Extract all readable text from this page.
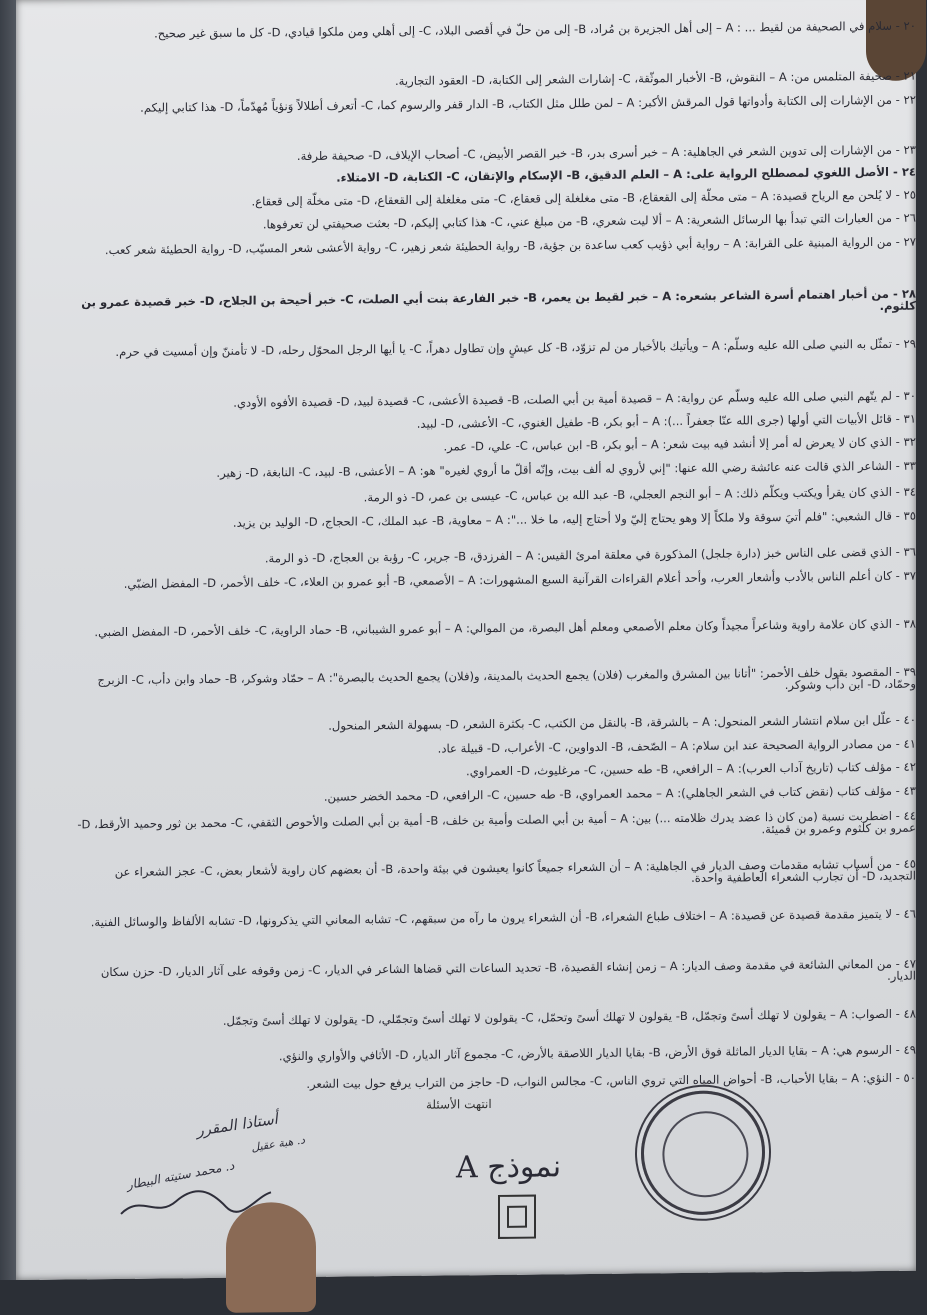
٢٠ - سلام في الصحيفة من لقيط ... : A – إلى أهل الجزيرة بن مُراد، B- إلى من حلّ في أقصى البلاد، C- إلى أهلي ومن ملكوا قيادي، D- كل ما سبق غير صحيح.
٢١ - صحيفة المتلمس من: A – النقوش، B- الأخبار الموثّقة، C- إشارات الشعر إلى الكتابة، D- العقود التجارية.
٢٢ - من الإشارات إلى الكتابة وأدواتها قول المرقش الأكبر: A – لمن طلل مثل الكتاب، B- الدار قفر والرسوم كما، C- أتعرف أطلالاً وَنؤياً مُهدّماً، D- هذا كتابي إليكم.
٢٣ - من الإشارات إلى تدوين الشعر في الجاهلية: A – خبر أسرى بدر، B- خبر القصر الأبيض، C- أصحاب الإيلاف، D- صحيفة طرفة.
٢٤ - الأصل اللغوي لمصطلح الرواية على: A – العلم الدقيق، B- الإسكام والإتقان، C- الكتابة، D- الامتلاء.
٢٥ - لا يُلحن مع الرياح قصيدة: A – متى محلّة إلى القعقاع، B- متى مغلغلة إلى قعقاع، C- متى مغلغلة إلى القعقاع، D- متى مخلّة إلى قعقاع.
٢٦ - من العبارات التي تبدأ بها الرسائل الشعرية: A – ألا ليت شعري، B- من مبلغ عني، C- هذا كتابي إليكم، D- بعثت صحيفتي لن تعرفوها.
٢٧ - من الرواية المبنية على القرابة: A – رواية أبي ذؤيب كعب ساعدة بن جؤية، B- رواية الحطيئة شعر زهير، C- رواية الأعشى شعر المسيّب، D- رواية الحطيئة شعر كعب.
٢٨ - من أخبار اهتمام أسرة الشاعر بشعره: A – خبر لقيط بن يعمر، B- خبر الفارعة بنت أبي الصلت، C- خبر أحيحة بن الجلاح، D- خبر قصيدة عمرو بن كلثوم.
٢٩ - تمثّل به النبي صلى الله عليه وسلّم: A – ويأتيك بالأخبار من لم تزوّد، B- كل عيشٍ وإن تطاول دهراً، C- يا أيها الرجل المحوّل رحله، D- لا تأمننّ وإن أمسيت في حرم.
٣٠ - لم يتّهم النبي صلى الله عليه وسلّم عن رواية: A – قصيدة أمية بن أبي الصلت، B- قصيدة الأعشى، C- قصيدة لبيد، D- قصيدة الأفوه الأودي.
٣١ - قائل الأبيات التي أولها (جرى الله عنّا جعفراً ...): A – أبو بكر، B- طفيل الغنوي، C- الأعشى، D- لبيد.
٣٢ - الذي كان لا يعرض له أمر إلا أنشد فيه بيت شعر: A – أبو بكر، B- ابن عباس، C- علي، D- عمر.
٣٣ - الشاعر الذي قالت عنه عائشة رضي الله عنها: "إني لأروي له ألف بيت، وإنّه أقلّ ما أروي لغيره" هو: A – الأعشى، B- لبيد، C- النابغة، D- زهير.
٣٤ - الذي كان يقرأ ويكتب ويكلّم ذلك: A – أبو النجم العجلي، B- عبد الله بن عباس، C- عيسى بن عمر، D- ذو الرمة.
٣٥ - قال الشعبي: "فلم أتيَ سوقة ولا ملكاً إلا وهو يحتاج إليّ ولا أحتاج إليه، ما خلا ...": A – معاوية، B- عبد الملك، C- الحجاج، D- الوليد بن يزيد.
٣٦ - الذي قضى على الناس خبز (دارة جلجل) المذكورة في معلقة امرئ القيس: A – الفرزدق، B- جرير، C- رؤبة بن العجاج، D- ذو الرمة.
٣٧ - كان أعلم الناس بالأدب وأشعار العرب، وأحد أعلام القراءات القرآنية السبع المشهورات: A – الأصمعي، B- أبو عمرو بن العلاء، C- خلف الأحمر، D- المفضل الضبّي.
٣٨ - الذي كان علامة راوية وشاعراً مجيداً وكان معلم الأصمعي ومعلم أهل البصرة، من الموالي: A – أبو عمرو الشيباني، B- حماد الراوية، C- خلف الأحمر، D- المفضل الضبي.
٣٩ - المقصود بقول خلف الأحمر: "أتانا بين المشرق والمغرب (فلان) يجمع الحديث بالمدينة، و(فلان) يجمع الحديث بالبصرة": A – حمّاد وشوكر، B- حماد وابن دأب، C- الزبرج وحمّاد، D- ابن دأب وشوكر.
٤٠ - علّل ابن سلام انتشار الشعر المنحول: A – بالشرقة، B- بالنقل من الكتب، C- بكثرة الشعر، D- بسهولة الشعر المنحول.
٤١ - من مصادر الرواية الصحيحة عند ابن سلام: A – الصّحف، B- الدواوين، C- الأعراب، D- قبيلة عاد.
٤٢ - مؤلف كتاب (تاريخ آداب العرب): A – الرافعي، B- طه حسين، C- مرغليوث، D- العمراوي.
٤٣ - مؤلف كتاب (نقض كتاب في الشعر الجاهلي): A – محمد العمراوي، B- طه حسين، C- الرافعي، D- محمد الخضر حسين.
٤٤ - اضطربت نسبة (من كان ذا عضد يدرك ظلامته ...) بين: A – أمية بن أبي الصلت وأمية بن خلف، B- أمية بن أبي الصلت والأحوص الثقفي، C- محمد بن ثور وحميد الأرقط، D- عمرو بن كلثوم وعمرو بن قميئة.
٤٥ - من أسباب تشابه مقدمات وصف الديار في الجاهلية: A – أن الشعراء جميعاً كانوا يعيشون في بيئة واحدة، B- أن بعضهم كان راوية لأشعار بعض، C- عجز الشعراء عن التجديد، D- أن تجارب الشعراء العاطفية واحدة.
٤٦ - لا يتميز مقدمة قصيدة عن قصيدة: A – اختلاف طباع الشعراء، B- أن الشعراء يرون ما رآه من سبقهم، C- تشابه المعاني التي يذكرونها، D- تشابه الألفاظ والوسائل الفنية.
٤٧ - من المعاني الشائعة في مقدمة وصف الديار: A – زمن إنشاء القصيدة، B- تحديد الساعات التي قضاها الشاعر في الديار، C- زمن وقوفه على آثار الديار، D- حزن سكان الديار.
٤٨ - الصواب: A – يقولون لا تهلك أسىً وتجمّل، B- يقولون لا تهلك أسىً وتحمّل، C- يقولون لا تهلك أسىً وتجمّلي، D- يقولون لا تهلك أسىً وتجمّل.
٤٩ - الرسوم هي: A – بقايا الديار الماثلة فوق الأرض، B- بقايا الديار اللاصقة بالأرض، C- مجموع آثار الديار، D- الأثافي والأواري والنؤي.
٥٠ - النؤي: A – بقايا الأحباب، B- أحواض المياه التي تروي الناس، C- مجالس النواب، D- حاجز من التراب يرفع حول بيت الشعر.
انتهت الأسئلة
أستاذا المقرر
د. هبة عقيل
د. محمد ستيته البيطار	نموذج A
